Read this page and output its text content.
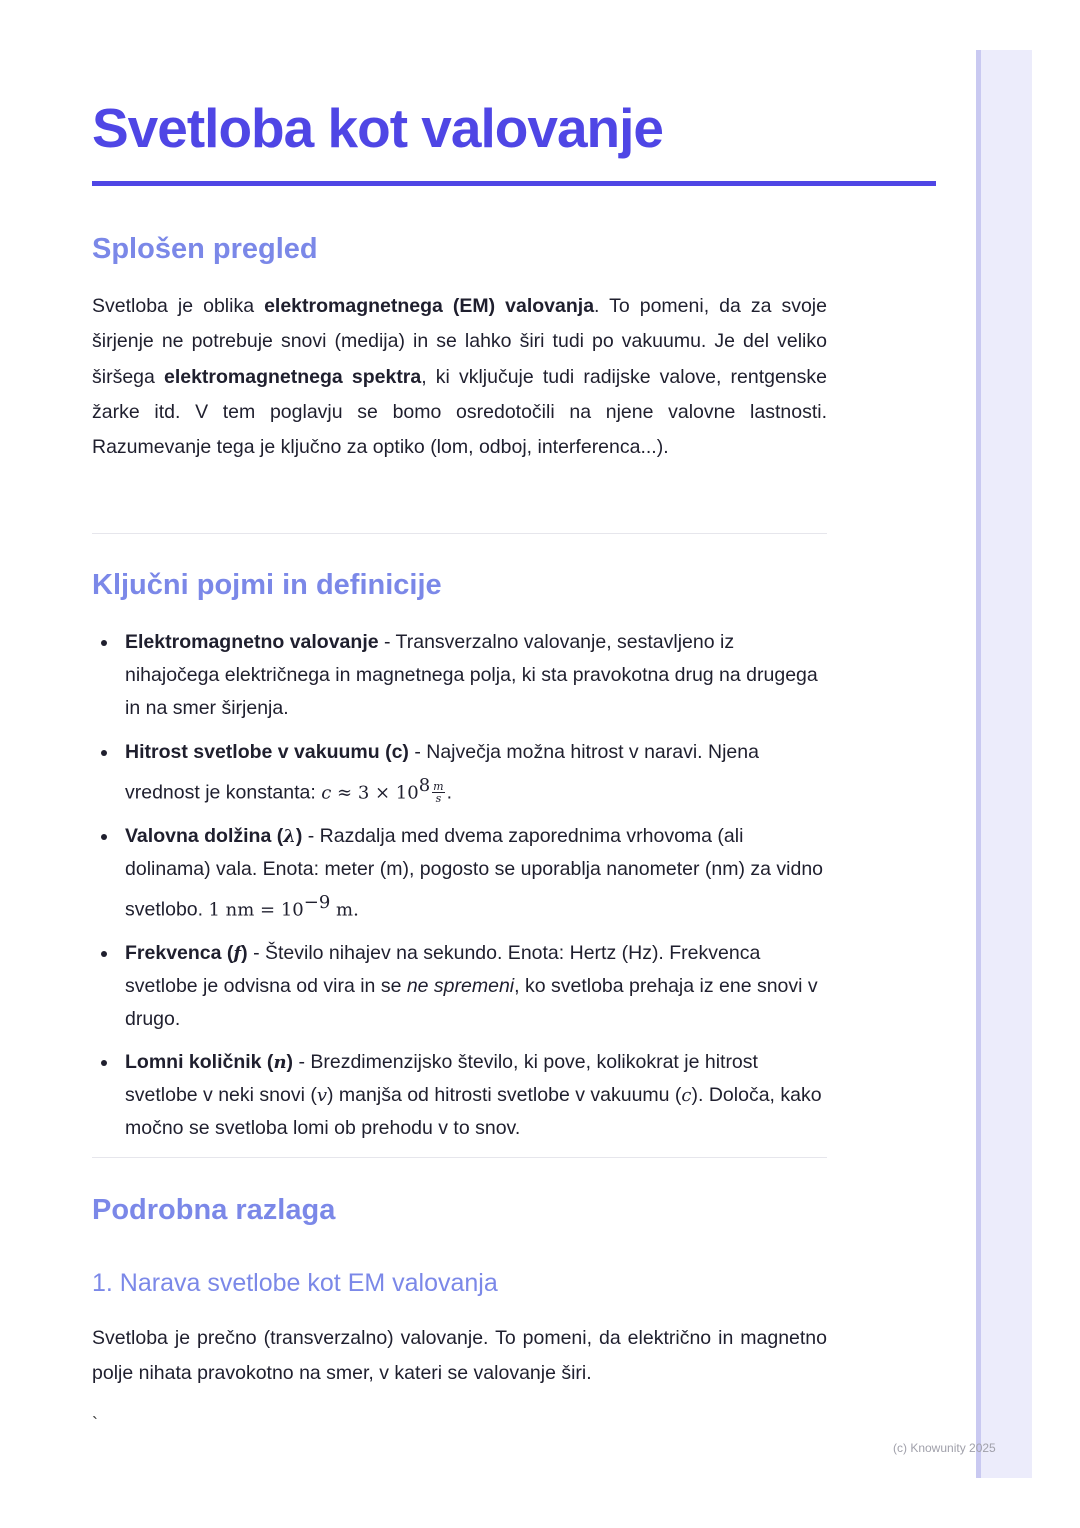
Svetloba kot valovanje
Splošen pregled

Svetloba je oblika elektromagnetnega (EM) valovanja. To pomeni, da za svoje širjenje ne potrebuje snovi (medija) in se lahko širi tudi po vakuumu. Je del veliko širšega elektromagnetnega spektra, ki vključuje tudi radijske valove, rentgenske žarke itd. V tem poglavju se bomo osredotočili na njene valovne lastnosti. Razumevanje tega je ključno za optiko (lom, odboj, interferenca...).

Ključni pojmi in definicije
Elektromagnetno valovanje - Transverzalno valovanje, sestavljeno iz nihajočega električnega in magnetnega polja, ki sta pravokotna drug na drugega in na smer širjenja.
Hitrost svetlobe v vakuumu (c) - Največja možna hitrost v naravi. Njena vrednost je konstanta: $c \approx 3 \times 10^8 \frac{m}{s}$ .
Valovna dolžina (λ) - Razdalja med dvema zaporednima vrhovoma (ali dolinama) vala. Enota: meter (m), pogosto se uporablja nanometer (nm) za vidno svetlobo. 1 nm = $10^{-9}$ m.
Frekvenca (f) - Število nihajev na sekundo. Enota: Hertz (Hz). Frekvenca svetlobe je odvisna od vira in se ne spremeni, ko svetloba prehaja iz ene snovi v drugo.
Lomni količnik (n) - Brezdimenzijsko število, ki pove, kolikokrat je hitrost svetlobe v neki snovi (v) manjša od hitrosti svetlobe v vakuumu (c). Določa, kako močno se svetloba lomi ob prehodu v to snov.
Podrobna razlaga
1. Narava svetlobe kot EM valovanja

Svetloba je prečno (transverzalno) valovanje. To pomeni, da električno in magnetno polje nihata pravokotno na smer, v kateri se valovanje širi.

`
(c) Knowunity 2025
